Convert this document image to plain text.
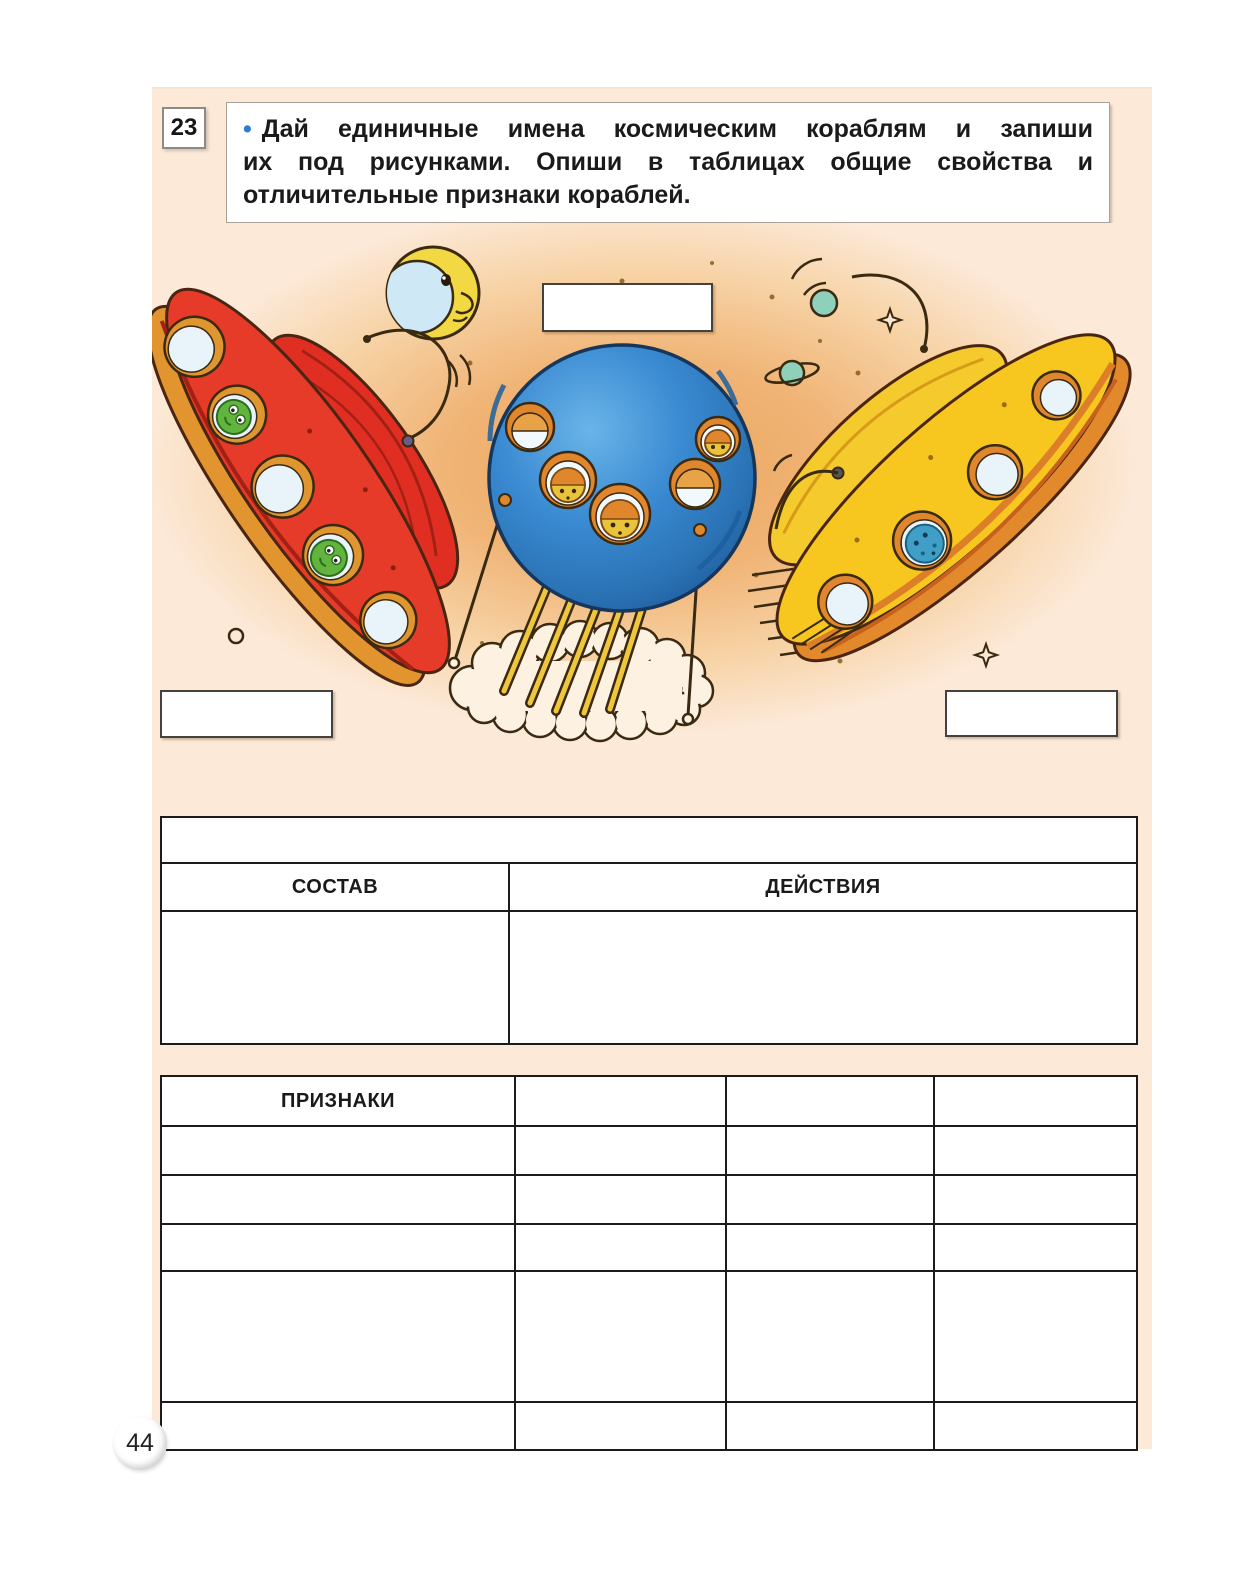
23 • Дай единичные имена космическим кораблям и запиши
их под рисунками. Опиши в таблицах общие свойства и
отличительные признаки кораблей.

СОСТАВ	ДЕЙСТВИЯ

ПРИЗНАКИ			

44
